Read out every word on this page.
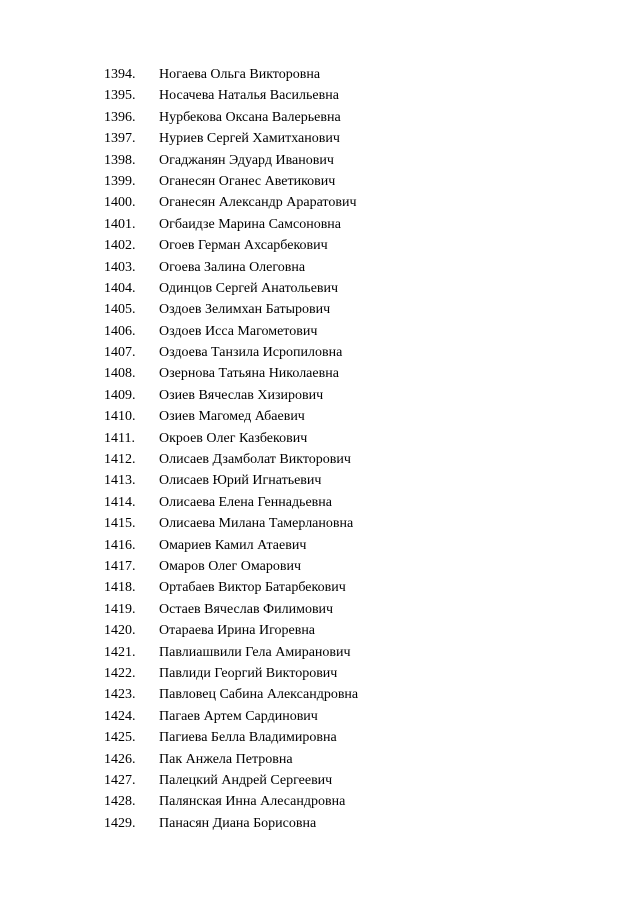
1394.	Ногаева Ольга Викторовна
1395.	Носачева Наталья Васильевна
1396.	Нурбекова Оксана Валерьевна
1397.	Нуриев Сергей Хамитханович
1398.	Огаджанян Эдуард Иванович
1399.	Оганесян Оганес Аветикович
1400.	Оганесян Александр Араратович
1401.	Огбаидзе Марина Самсоновна
1402.	Огоев Герман Ахсарбекович
1403.	Огоева Залина Олеговна
1404.	Одинцов Сергей Анатольевич
1405.	Оздоев Зелимхан Батырович
1406.	Оздоев Исса Магометович
1407.	Оздоева Танзила Исропиловна
1408.	Озернова Татьяна Николаевна
1409.	Озиев Вячеслав Хизирович
1410.	Озиев Магомед Абаевич
1411.	Окроев Олег Казбекович
1412.	Олисаев Дзамболат Викторович
1413.	Олисаев Юрий Игнатьевич
1414.	Олисаева Елена Геннадьевна
1415.	Олисаева Милана Тамерлановна
1416.	Омариев Камил Атаевич
1417.	Омаров Олег Омарович
1418.	Ортабаев Виктор Батарбекович
1419.	Остаев Вячеслав Филимович
1420.	Отараева Ирина Игоревна
1421.	Павлиашвили Гела Амиранович
1422.	Павлиди Георгий Викторович
1423.	Павловец Сабина Александровна
1424.	Пагаев Артем Сардинович
1425.	Пагиева Белла Владимировна
1426.	Пак Анжела Петровна
1427.	Палецкий Андрей Сергеевич
1428.	Палянская Инна Алесандровна
1429.	Панасян Диана Борисовна
